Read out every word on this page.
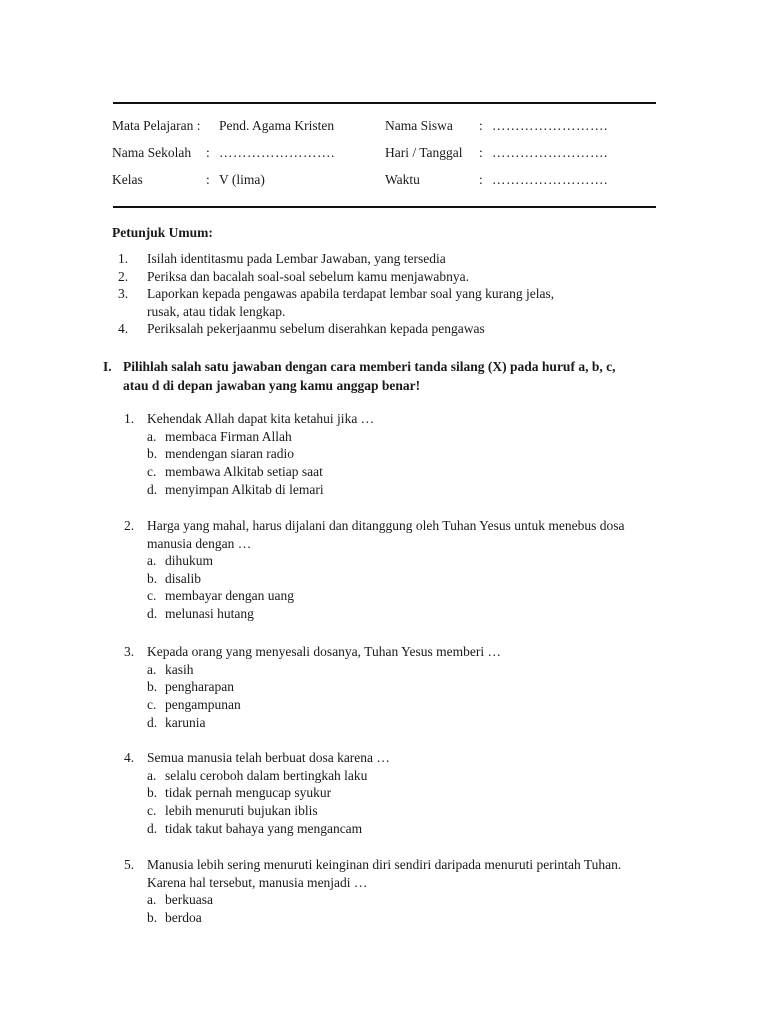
Mata Pelajaran : Pend. Agama Kristen	Nama Siswa : …………………….
Nama Sekolah : …………………….	Hari / Tanggal : …………………….
Kelas	: V (lima)	Waktu	: …………………….
Petunjuk Umum:
1. Isilah identitasmu pada Lembar Jawaban, yang tersedia
2. Periksa dan bacalah soal-soal sebelum kamu menjawabnya.
3. Laporkan kepada pengawas apabila terdapat lembar soal yang kurang jelas, rusak, atau tidak lengkap.
4. Periksalah pekerjaanmu sebelum diserahkan kepada pengawas
I. Pilihlah salah satu jawaban dengan cara memberi tanda silang (X) pada huruf a, b, c, atau d di depan jawaban yang kamu anggap benar!
1. Kehendak Allah dapat kita ketahui jika …
a. membaca Firman Allah
b. mendengan siaran radio
c. membawa Alkitab setiap saat
d. menyimpan Alkitab di lemari
2. Harga yang mahal, harus dijalani dan ditanggung oleh Tuhan Yesus untuk menebus dosa manusia dengan …
a. dihukum
b. disalib
c. membayar dengan uang
d. melunasi hutang
3. Kepada orang yang menyesali dosanya, Tuhan Yesus memberi …
a. kasih
b. pengharapan
c. pengampunan
d. karunia
4. Semua manusia telah berbuat dosa karena …
a. selalu ceroboh dalam bertingkah laku
b. tidak pernah mengucap syukur
c. lebih menuruti bujukan iblis
d. tidak takut bahaya yang mengancam
5. Manusia lebih sering menuruti keinginan diri sendiri daripada menuruti perintah Tuhan. Karena hal tersebut, manusia menjadi …
a. berkuasa
b. berdoa
